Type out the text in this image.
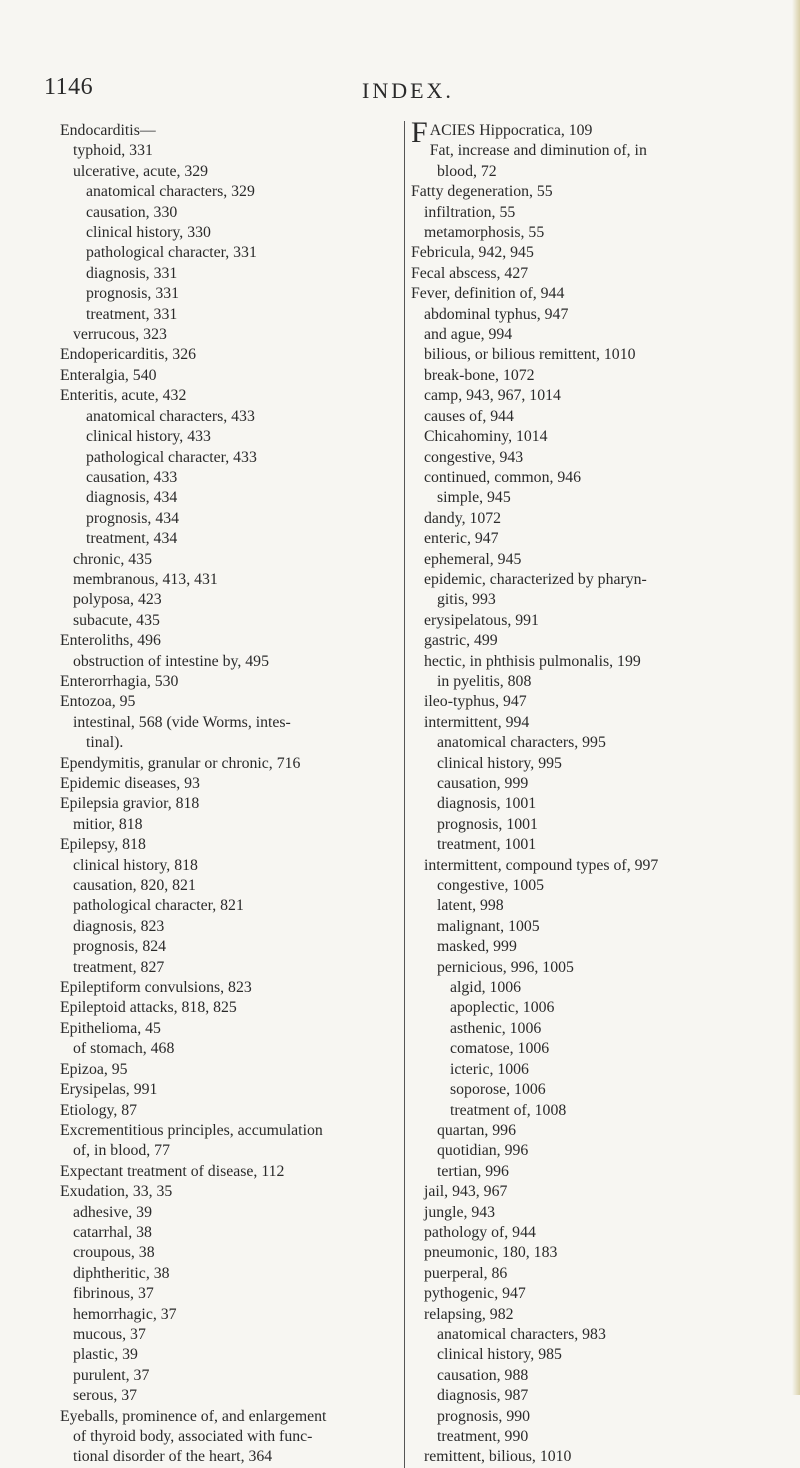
1146	INDEX.
Endocarditis—
typhoid, 331
ulcerative, acute, 329
anatomical characters, 329
causation, 330
clinical history, 330
pathological character, 331
diagnosis, 331
prognosis, 331
treatment, 331
verrucous, 323
Endopericarditis, 326
Enteralgia, 540
Enteritis, acute, 432
anatomical characters, 433
clinical history, 433
pathological character, 433
causation, 433
diagnosis, 434
prognosis, 434
treatment, 434
chronic, 435
membranous, 413, 431
polyposa, 423
subacute, 435
Enteroliths, 496
obstruction of intestine by, 495
Enterorrhagia, 530
Entozoa, 95
intestinal, 568 (vide Worms, intes-
tinal).
Ependymitis, granular or chronic, 716
Epidemic diseases, 93
Epilepsia gravior, 818
mitior, 818
Epilepsy, 818
clinical history, 818
causation, 820, 821
pathological character, 821
diagnosis, 823
prognosis, 824
treatment, 827
Epileptiform convulsions, 823
Epileptoid attacks, 818, 825
Epithelioma, 45
of stomach, 468
Epizoa, 95
Erysipelas, 991
Etiology, 87
Excrementitious principles, accumulation
of, in blood, 77
Expectant treatment of disease, 112
Exudation, 33, 35
adhesive, 39
catarrhal, 38
croupous, 38
diphtheritic, 38
fibrinous, 37
hemorrhagic, 37
mucous, 37
plastic, 39
purulent, 37
serous, 37
Eyeballs, prominence of, and enlargement
of thyroid body, associated with func-
tional disorder of the heart, 364
FACIES Hippocratica, 109
Fat, increase and diminution of, in
blood, 72
Fatty degeneration, 55
infiltration, 55
metamorphosis, 55
Febricula, 942, 945
Fecal abscess, 427
Fever, definition of, 944
abdominal typhus, 947
and ague, 994
bilious, or bilious remittent, 1010
break-bone, 1072
camp, 943, 967, 1014
causes of, 944
Chicahominy, 1014
congestive, 943
continued, common, 946
simple, 945
dandy, 1072
enteric, 947
ephemeral, 945
epidemic, characterized by pharyn-
gitis, 993
erysipelatous, 991
gastric, 499
hectic, in phthisis pulmonalis, 199
in pyelitis, 808
ileo-typhus, 947
intermittent, 994
anatomical characters, 995
clinical history, 995
causation, 999
diagnosis, 1001
prognosis, 1001
treatment, 1001
intermittent, compound types of, 997
congestive, 1005
latent, 998
malignant, 1005
masked, 999
pernicious, 996, 1005
algid, 1006
apoplectic, 1006
asthenic, 1006
comatose, 1006
icteric, 1006
soporose, 1006
treatment of, 1008
quartan, 996
quotidian, 996
tertian, 996
jail, 943, 967
jungle, 943
pathology of, 944
pneumonic, 180, 183
puerperal, 86
pythogenic, 947
relapsing, 982
anatomical characters, 983
clinical history, 985
causation, 988
diagnosis, 987
prognosis, 990
treatment, 990
remittent, bilious, 1010
